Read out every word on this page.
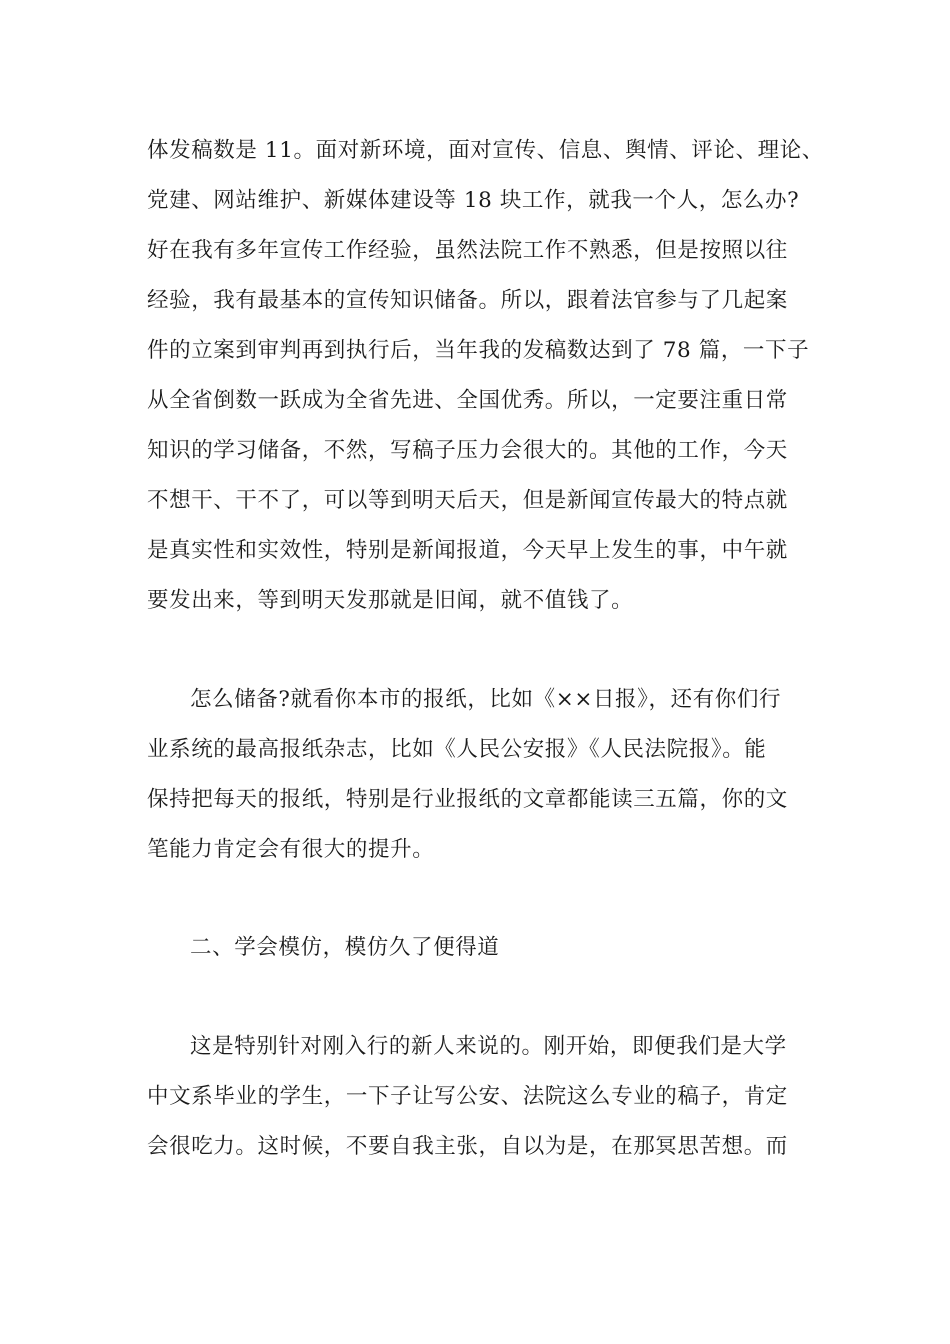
体发稿数是 11。面对新环境，面对宣传、信息、舆情、评论、理论、
党建、网站维护、新媒体建设等 18 块工作，就我一个人，怎么办?
好在我有多年宣传工作经验，虽然法院工作不熟悉，但是按照以往
经验，我有最基本的宣传知识储备。所以，跟着法官参与了几起案
件的立案到审判再到执行后，当年我的发稿数达到了 78 篇，一下子
从全省倒数一跃成为全省先进、全国优秀。所以，一定要注重日常
知识的学习储备，不然，写稿子压力会很大的。其他的工作，今天
不想干、干不了，可以等到明天后天，但是新闻宣传最大的特点就
是真实性和实效性，特别是新闻报道，今天早上发生的事，中午就
要发出来，等到明天发那就是旧闻，就不值钱了。
怎么储备?就看你本市的报纸，比如《××日报》，还有你们行
业系统的最高报纸杂志，比如《人民公安报》《人民法院报》。能
保持把每天的报纸，特别是行业报纸的文章都能读三五篇，你的文
笔能力肯定会有很大的提升。
二、学会模仿，模仿久了便得道
这是特别针对刚入行的新人来说的。刚开始，即便我们是大学
中文系毕业的学生，一下子让写公安、法院这么专业的稿子，肯定
会很吃力。这时候，不要自我主张，自以为是，在那冥思苦想。而
